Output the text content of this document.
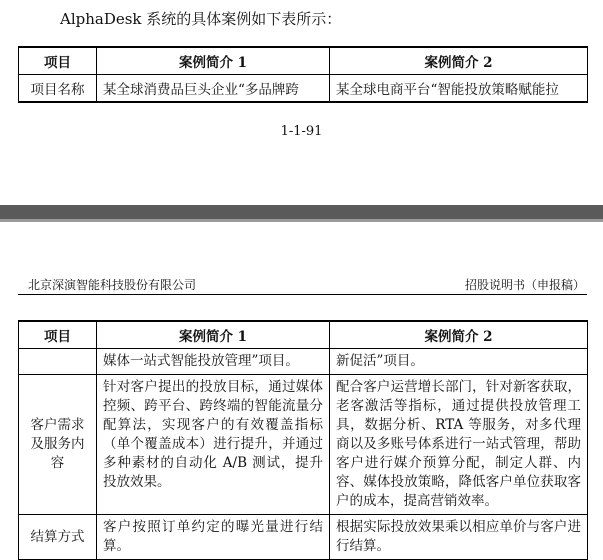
AlphaDesk 系统的具体案例如下表所示：
项目	案例简介 1	案例简介 2
项目名称	某全球消费品巨头企业“多品牌跨	某全球电商平台“智能投放策略赋能拉
1-1-91
北京深演智能科技股份有限公司	招股说明书（申报稿）
项目	案例简介 1	案例简介 2
	媒体一站式智能投放管理”项目。	新促活”项目。
客户需求及服务内容	针对客户提出的投放目标，通过媒体控频、跨平台、跨终端的智能流量分配算法，实现客户的有效覆盖指标（单个覆盖成本）进行提升，并通过多种素材的自动化 A/B 测试，提升投放效果。	配合客户运营增长部门，针对新客获取，老客激活等指标，通过提供投放管理工具，数据分析、RTA 等服务，对多代理商以及多账号体系进行一站式管理，帮助客户进行媒介预算分配，制定人群、内容、媒体投放策略，降低客户单位获取客户的成本，提高营销效率。
结算方式	客户按照订单约定的曝光量进行结算。	根据实际投放效果乘以相应单价与客户进行结算。
